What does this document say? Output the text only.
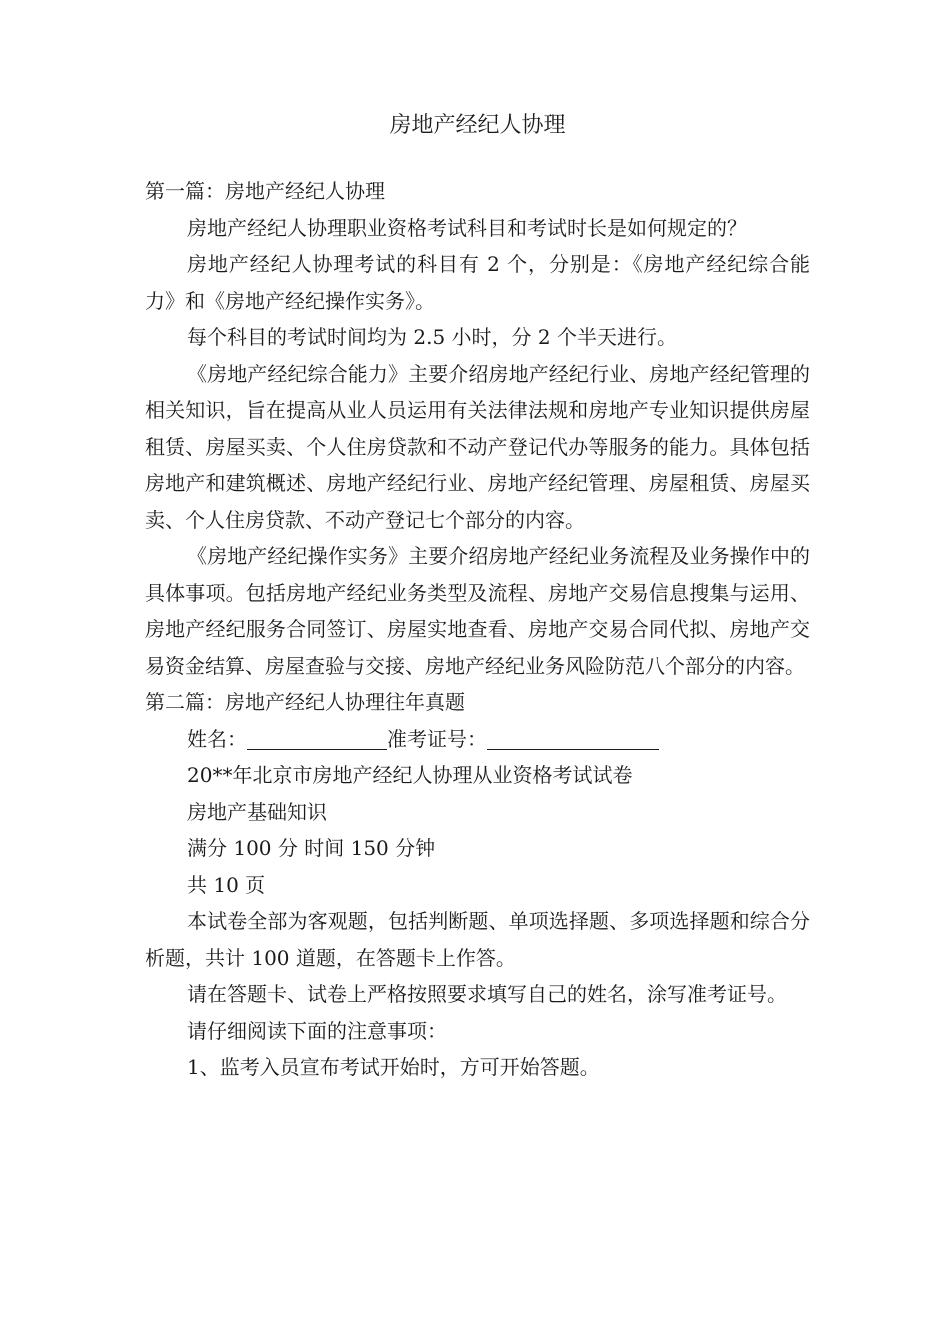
房地产经纪人协理

第一篇：房地产经纪人协理

房地产经纪人协理职业资格考试科目和考试时长是如何规定的？

房地产经纪人协理考试的科目有 2 个，分别是：《房地产经纪综合能力》和《房地产经纪操作实务》。

每个科目的考试时间均为 2.5 小时，分 2 个半天进行。

《房地产经纪综合能力》主要介绍房地产经纪行业、房地产经纪管理的相关知识，旨在提高从业人员运用有关法律法规和房地产专业知识提供房屋租赁、房屋买卖、个人住房贷款和不动产登记代办等服务的能力。具体包括房地产和建筑概述、房地产经纪行业、房地产经纪管理、房屋租赁、房屋买卖、个人住房贷款、不动产登记七个部分的内容。

《房地产经纪操作实务》主要介绍房地产经纪业务流程及业务操作中的具体事项。包括房地产经纪业务类型及流程、房地产交易信息搜集与运用、房地产经纪服务合同签订、房屋实地查看、房地产交易合同代拟、房地产交易资金结算、房屋查验与交接、房地产经纪业务风险防范八个部分的内容。

第二篇：房地产经纪人协理往年真题

姓名：	准考证号：

20**年北京市房地产经纪人协理从业资格考试试卷

房地产基础知识

满分 100 分 时间 150 分钟

共 10 页

本试卷全部为客观题，包括判断题、单项选择题、多项选择题和综合分析题，共计 100 道题，在答题卡上作答。

请在答题卡、试卷上严格按照要求填写自己的姓名，涂写准考证号。

请仔细阅读下面的注意事项：

1、监考入员宣布考试开始时，方可开始答题。
